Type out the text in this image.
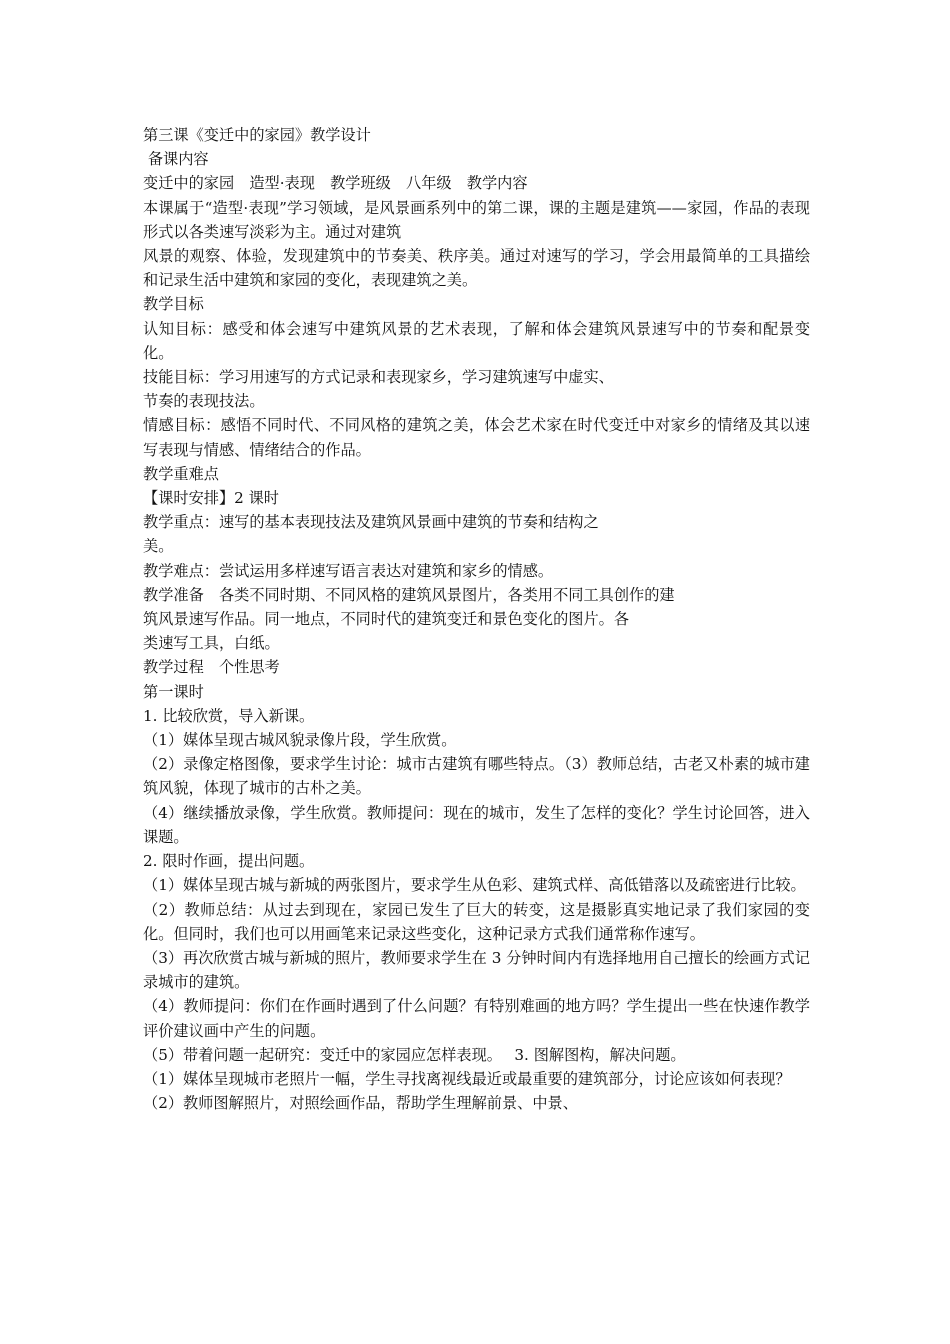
第三课《变迁中的家园》教学设计

备课内容

变迁中的家园　造型·表现　教学班级　八年级　教学内容

本课属于“造型·表现”学习领域，是风景画系列中的第二课，课的主题是建筑——家园，作品的表现形式以各类速写淡彩为主。通过对建筑

风景的观察、体验，发现建筑中的节奏美、秩序美。通过对速写的学习，学会用最简单的工具描绘和记录生活中建筑和家园的变化，表现建筑之美。

教学目标

认知目标：感受和体会速写中建筑风景的艺术表现，了解和体会建筑风景速写中的节奏和配景变化。

技能目标：学习用速写的方式记录和表现家乡，学习建筑速写中虚实、

节奏的表现技法。

情感目标：感悟不同时代、不同风格的建筑之美，体会艺术家在时代变迁中对家乡的情绪及其以速写表现与情感、情绪结合的作品。

教学重难点

【课时安排】2 课时

教学重点：速写的基本表现技法及建筑风景画中建筑的节奏和结构之

美。

教学难点：尝试运用多样速写语言表达对建筑和家乡的情感。

教学准备　各类不同时期、不同风格的建筑风景图片，各类用不同工具创作的建

筑风景速写作品。同一地点，不同时代的建筑变迁和景色变化的图片。各

类速写工具，白纸。

教学过程　个性思考

第一课时

1. 比较欣赏，导入新课。

（1）媒体呈现古城风貌录像片段，学生欣赏。

（2）录像定格图像，要求学生讨论：城市古建筑有哪些特点。（3）教师总结，古老又朴素的城市建筑风貌，体现了城市的古朴之美。

（4）继续播放录像，学生欣赏。教师提问：现在的城市，发生了怎样的变化？学生讨论回答，进入课题。

2. 限时作画，提出问题。

（1）媒体呈现古城与新城的两张图片，要求学生从色彩、建筑式样、高低错落以及疏密进行比较。

（2）教师总结：从过去到现在，家园已发生了巨大的转变，这是摄影真实地记录了我们家园的变化。但同时，我们也可以用画笔来记录这些变化，这种记录方式我们通常称作速写。

（3）再次欣赏古城与新城的照片，教师要求学生在 3 分钟时间内有选择地用自己擅长的绘画方式记录城市的建筑。

（4）教师提问：你们在作画时遇到了什么问题？有特别难画的地方吗？学生提出一些在快速作教学评价建议画中产生的问题。

（5）带着问题一起研究：变迁中的家园应怎样表现。　 3. 图解图构，解决问题。

（1）媒体呈现城市老照片一幅，学生寻找离视线最近或最重要的建筑部分，讨论应该如何表现？

（2）教师图解照片，对照绘画作品，帮助学生理解前景、中景、
